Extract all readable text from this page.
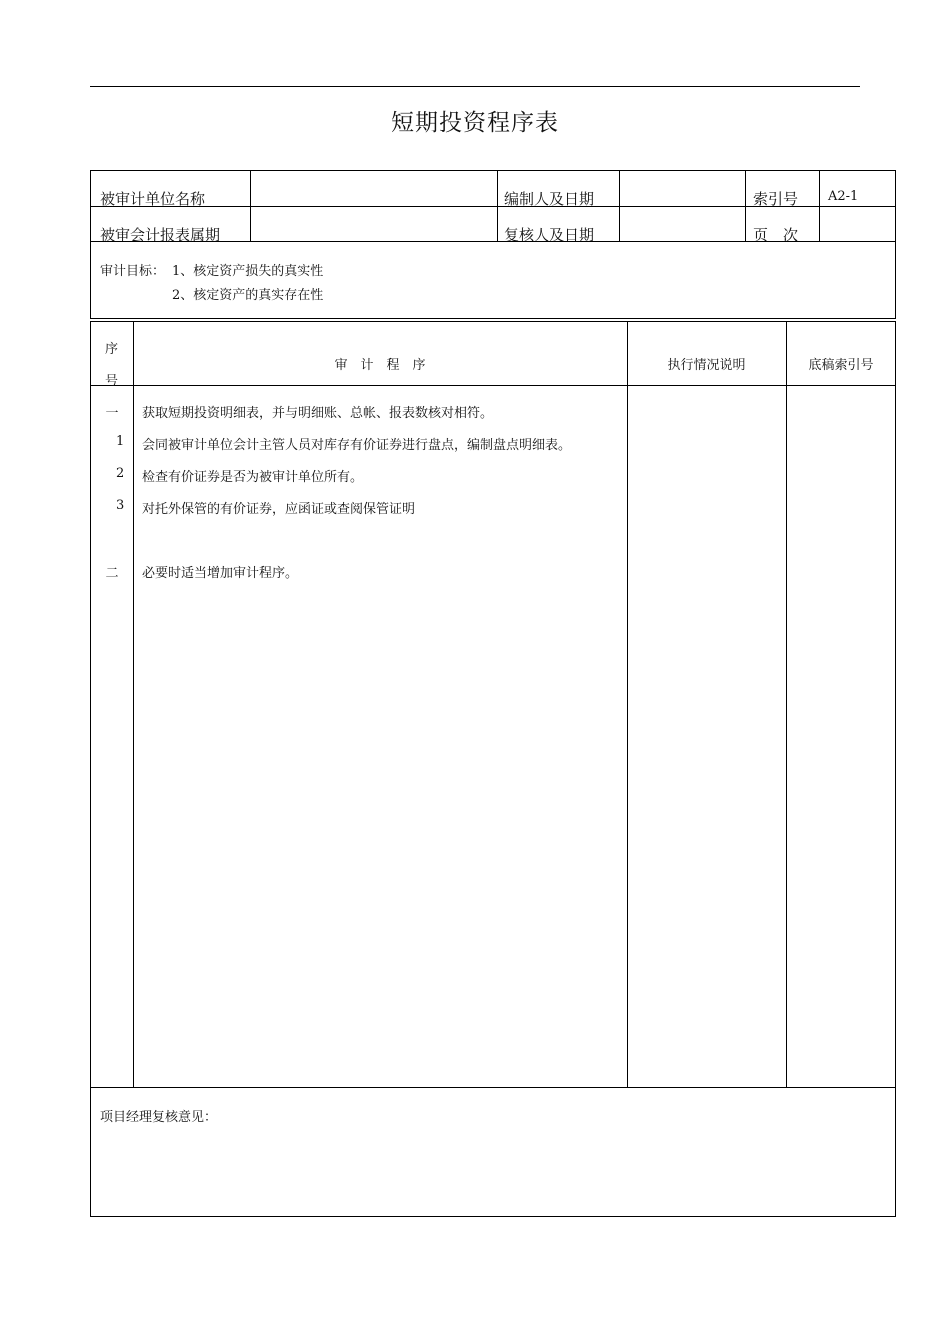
短期投资程序表
被审计单位名称	编制人及日期	索引号 A2-1
被审会计报表属期	复核人及日期	页　次
审计目标： 1、核定资产损失的真实性
2、核定资产的真实存在性
序
号
审　计　程　序	执行情况说明	底稿索引号
一	获取短期投资明细表，并与明细账、总帐、报表数核对相符。
1 会同被审计单位会计主管人员对库存有价证券进行盘点，编制盘点明细表。
2 检查有价证券是否为被审计单位所有。
3 对托外保管的有价证券，应函证或查阅保管证明
二	必要时适当增加审计程序。
项目经理复核意见：
